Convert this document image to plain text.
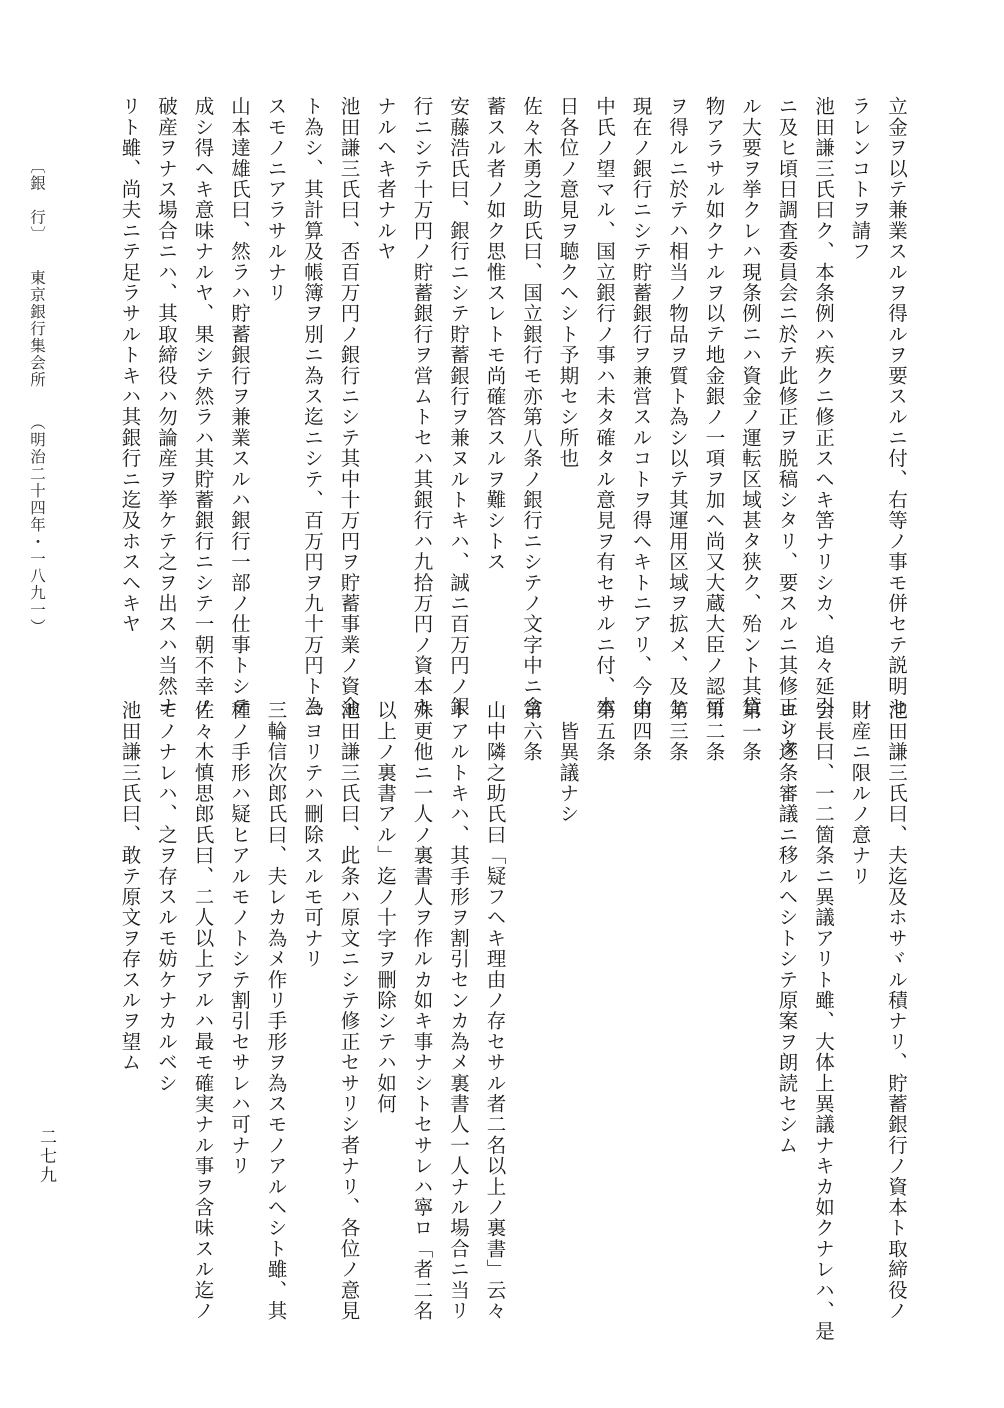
立金ヲ以テ兼業スルヲ得ルヲ要スルニ付、右等ノ事モ併セテ説明セ
ラレンコトヲ請フ
池田謙三氏曰ク、本条例ハ疾クニ修正スヘキ筈ナリシカ、追々延引
ニ及ヒ頃日調査委員会ニ於テ此修正ヲ脱稿シタリ、要スルニ其修正シタ
ル大要ヲ挙クレハ現条例ニハ資金ノ運転区域甚タ狭ク、殆ント其貸
物アラサル如クナルヲ以テ地金銀ノ一項ヲ加ヘ尚又大蔵大臣ノ認可
ヲ得ルニ於テハ相当ノ物品ヲ質ト為シ以テ其運用区域ヲ拡メ、及ヒ
現在ノ銀行ニシテ貯蓄銀行ヲ兼営スルコトヲ得ヘキトニアリ、今山
中氏ノ望マル、国立銀行ノ事ハ未タ確タル意見ヲ有セサルニ付、本
日各位ノ意見ヲ聴クヘシト予期セシ所也
佐々木勇之助氏曰、国立銀行モ亦第八条ノ銀行ニシテノ文字中ニ含
蓄スル者ノ如ク思惟スレトモ尚確答スルヲ難シトス
安藤浩氏曰、銀行ニシテ貯蓄銀行ヲ兼ヌルトキハ、誠ニ百万円ノ銀
行ニシテ十万円ノ貯蓄銀行ヲ営ムトセハ其銀行ハ九拾万円ノ資本ト
ナルヘキ者ナルヤ
池田謙三氏曰、否百万円ノ銀行ニシテ其中十万円ヲ貯蓄事業ノ資金
ト為シ、其計算及帳簿ヲ別ニ為ス迄ニシテ、百万円ヲ九十万円ト為
スモノニアラサルナリ
山本達雄氏曰、然ラハ貯蓄銀行ヲ兼業スルハ銀行一部ノ仕事トシテ
成シ得ヘキ意味ナルヤ、果シテ然ラハ其貯蓄銀行ニシテ一朝不幸ノ
破産ヲナス場合ニハ、其取締役ハ勿論産ヲ挙ケテ之ヲ出スハ当然ナ
リト雖、尚夫ニテ足ラサルトキハ其銀行ニ迄及ホスヘキヤ
池田謙三氏曰、夫迄及ホサヾル積ナリ、貯蓄銀行ノ資本ト取締役ノ
財産ニ限ルノ意ナリ
会長曰、一二箇条ニ異議アリト雖、大体上異議ナキカ如クナレハ、是
ヨリ逐条審議ニ移ルヘシトシテ原案ヲ朗読セシム
第一条
第二条
第三条
第四条
第五条
　皆異議ナシ
第六条
山中隣之助氏曰「疑フヘキ理由ノ存セサル者二名以上ノ裏書」云々
トアルトキハ、其手形ヲ割引センカ為メ裏書人一人ナル場合ニ当リ
殊更他ニ一人ノ裏書人ヲ作ルカ如キ事ナシトセサレハ寧ロ「者二名
以上ノ裏書アル」迄ノ十字ヲ刪除シテハ如何
池田謙三氏曰、此条ハ原文ニシテ修正セサリシ者ナリ、各位ノ意見
ニヨリテハ刪除スルモ可ナリ
三輪信次郎氏曰、夫レカ為メ作リ手形ヲ為スモノアルヘシト雖、其
種ノ手形ハ疑ヒアルモノトシテ割引セサレハ可ナリ
佐々木慎思郎氏曰、二人以上アルハ最モ確実ナル事ヲ含味スル迄ノ
モノナレハ、之ヲ存スルモ妨ケナカルベシ
池田謙三氏曰、敢テ原文ヲ存スルヲ望ム
〔銀　行〕　　東京銀行集会所　　（明治二十四年・一八九一）
二七九
